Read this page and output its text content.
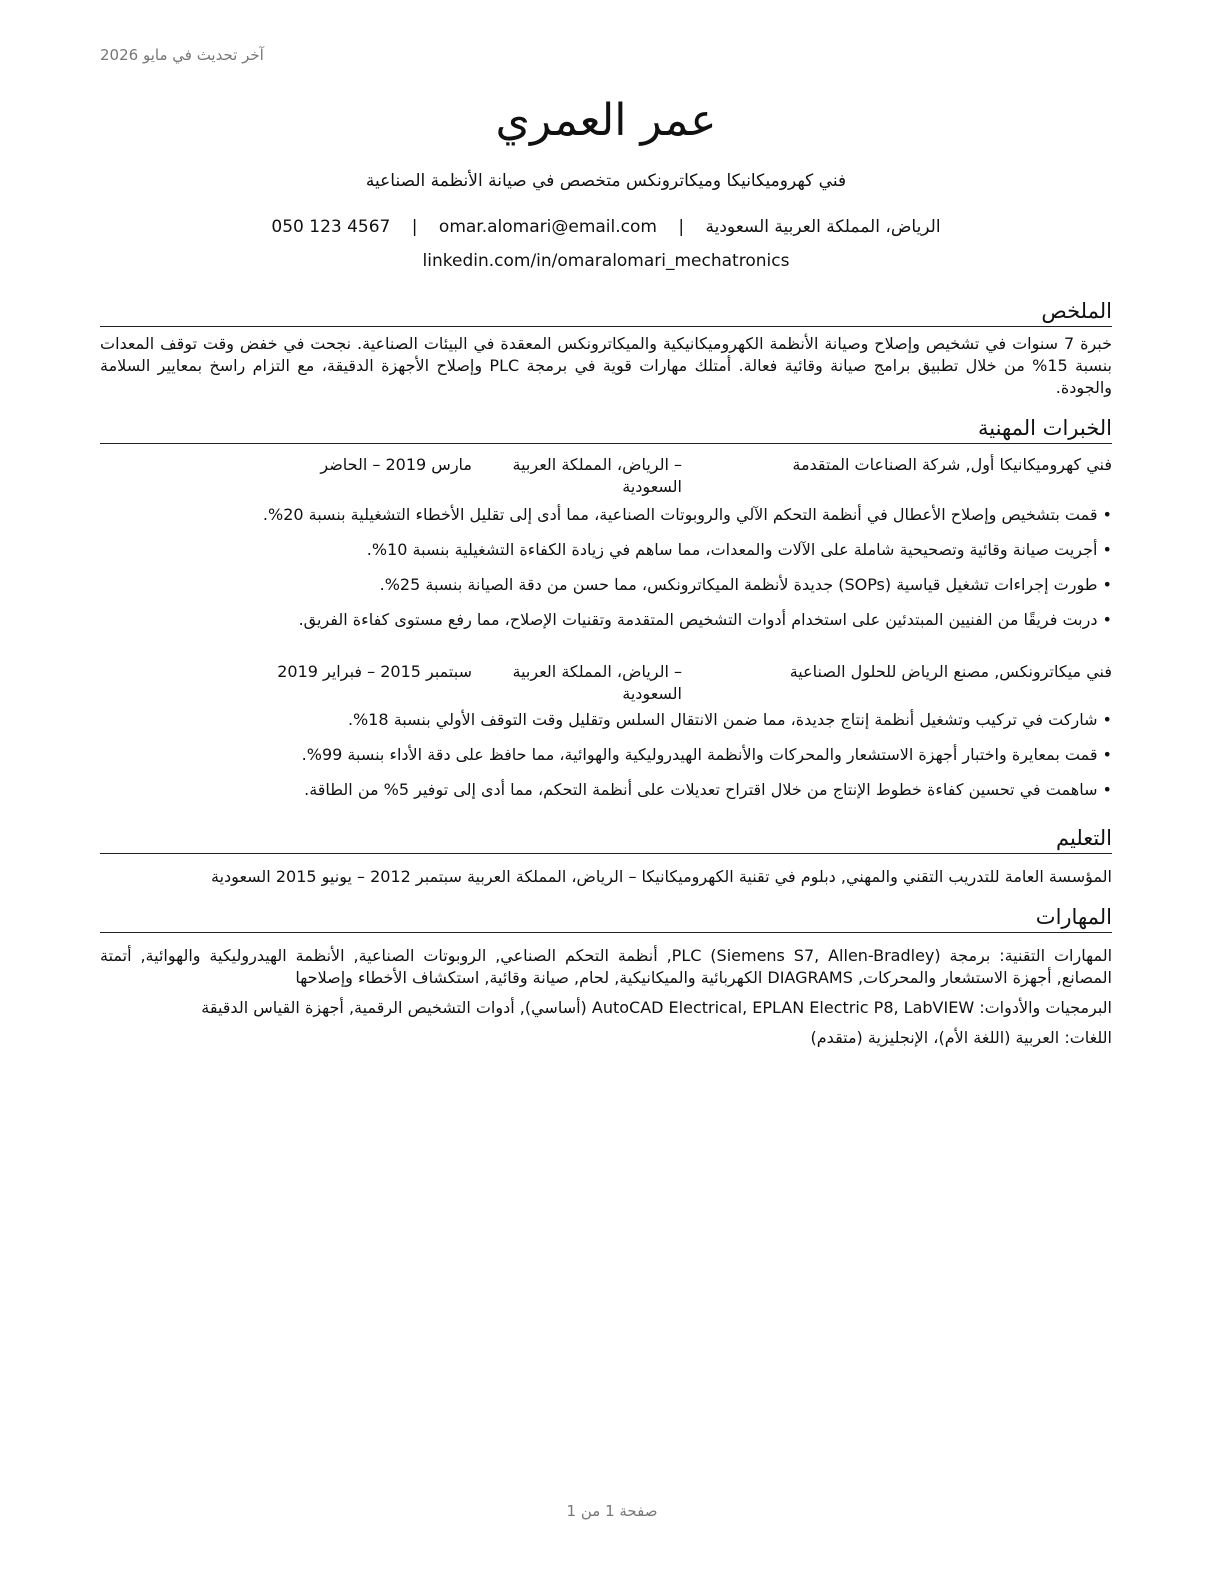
آخر تحديث في مايو 2026
عمر العمري
فني كهروميكانيكا وميكاترونكس متخصص في صيانة الأنظمة الصناعية
الرياض، المملكة العربية السعودية | omar.alomari@email.com | 050 123 4567
linkedin.com/in/omaralomari_mechatronics
الملخص

خبرة 7 سنوات في تشخيص وإصلاح وصيانة الأنظمة الكهروميكانيكية والميكاترونكس المعقدة في البيئات الصناعية. نجحت في خفض وقت توقف المعدات بنسبة 15% من خلال تطبيق برامج صيانة وقائية فعالة. أمتلك مهارات قوية في برمجة PLC وإصلاح الأجهزة الدقيقة، مع التزام راسخ بمعايير السلامة والجودة.

الخبرات المهنية
فني كهروميكانيكا أول, شركة الصناعات المتقدمة
– الرياض، المملكة العربية السعودية
مارس 2019 – الحاضر
• قمت بتشخيص وإصلاح الأعطال في أنظمة التحكم الآلي والروبوتات الصناعية، مما أدى إلى تقليل الأخطاء التشغيلية بنسبة 20%.
• أجريت صيانة وقائية وتصحيحية شاملة على الآلات والمعدات، مما ساهم في زيادة الكفاءة التشغيلية بنسبة 10%.
• طورت إجراءات تشغيل قياسية (SOPs) جديدة لأنظمة الميكاترونكس، مما حسن من دقة الصيانة بنسبة 25%.
• دربت فريقًا من الفنيين المبتدئين على استخدام أدوات التشخيص المتقدمة وتقنيات الإصلاح، مما رفع مستوى كفاءة الفريق.
فني ميكاترونكس, مصنع الرياض للحلول الصناعية
– الرياض، المملكة العربية السعودية
سبتمبر 2015 – فبراير 2019
• شاركت في تركيب وتشغيل أنظمة إنتاج جديدة، مما ضمن الانتقال السلس وتقليل وقت التوقف الأولي بنسبة 18%.
• قمت بمعايرة واختبار أجهزة الاستشعار والمحركات والأنظمة الهيدروليكية والهوائية، مما حافظ على دقة الأداء بنسبة 99%.
• ساهمت في تحسين كفاءة خطوط الإنتاج من خلال اقتراح تعديلات على أنظمة التحكم، مما أدى إلى توفير 5% من الطاقة.
التعليم

المؤسسة العامة للتدريب التقني والمهني, دبلوم في تقنية الكهروميكانيكا – الرياض، المملكة العربية سبتمبر 2012 – يونيو 2015 السعودية

المهارات

المهارات التقنية: برمجة PLC (Siemens S7, Allen-Bradley), أنظمة التحكم الصناعي, الروبوتات الصناعية, الأنظمة الهيدروليكية والهوائية, أتمتة المصانع, أجهزة الاستشعار والمحركات, DIAGRAMS الكهربائية والميكانيكية, لحام, صيانة وقائية, استكشاف الأخطاء وإصلاحها

البرمجيات والأدوات: AutoCAD Electrical, EPLAN Electric P8, LabVIEW (أساسي), أدوات التشخيص الرقمية, أجهزة القياس الدقيقة

اللغات: العربية (اللغة الأم)، الإنجليزية (متقدم)

صفحة 1 من 1
